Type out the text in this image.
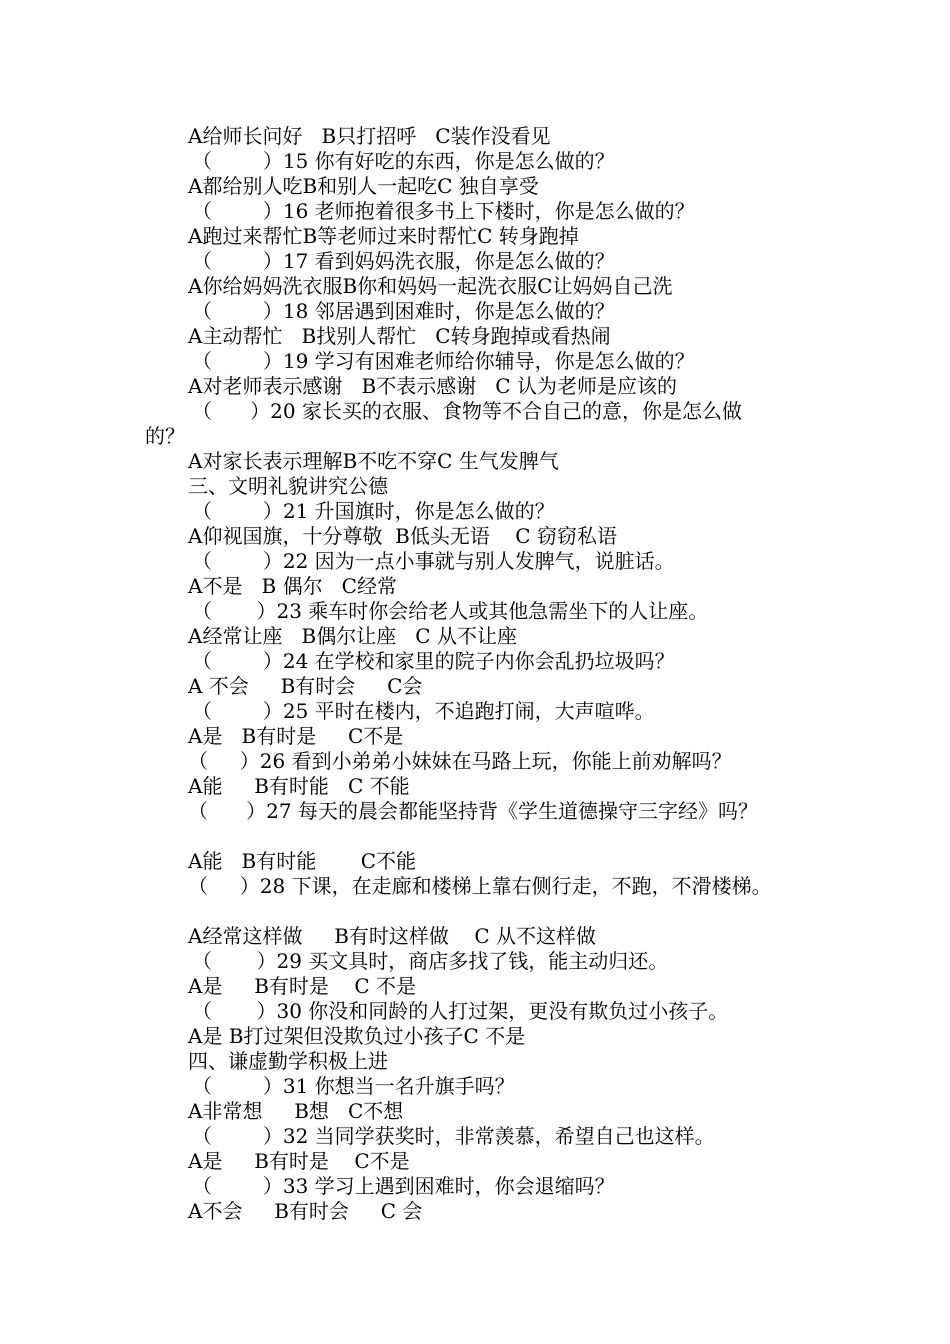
A给师长问好   B只打招呼   C装作没看见

（        ）15 你有好吃的东西，你是怎么做的？

A都给别人吃B和别人一起吃C 独自享受

（        ）16 老师抱着很多书上下楼时，你是怎么做的？

A跑过来帮忙B等老师过来时帮忙C 转身跑掉

（        ）17 看到妈妈洗衣服，你是怎么做的？

A你给妈妈洗衣服B你和妈妈一起洗衣服C让妈妈自己洗

（        ）18 邻居遇到困难时，你是怎么做的？

A主动帮忙   B找别人帮忙   C转身跑掉或看热闹

（        ）19 学习有困难老师给你辅导，你是怎么做的？

A对老师表示感谢   B不表示感谢   C 认为老师是应该的

（      ）20 家长买的衣服、食物等不合自己的意，你是怎么做

的？

A对家长表示理解B不吃不穿C 生气发脾气

三、文明礼貌讲究公德

（        ）21 升国旗时，你是怎么做的？

A仰视国旗，十分尊敬  B低头无语    C 窃窃私语

（        ）22 因为一点小事就与别人发脾气，说脏话。

A不是   B 偶尔   C经常

（       ）23 乘车时你会给老人或其他急需坐下的人让座。

A经常让座   B偶尔让座   C 从不让座

（        ）24 在学校和家里的院子内你会乱扔垃圾吗？

A 不会     B有时会     C会

（        ）25 平时在楼内，不追跑打闹，大声喧哗。

A是   B有时是     C不是

（     ）26 看到小弟弟小妹妹在马路上玩，你能上前劝解吗？

A能     B有时能   C 不能

（      ）27 每天的晨会都能坚持背《学生道德操守三字经》吗？

A能   B有时能       C不能

（     ）28 下课，在走廊和楼梯上靠右侧行走，不跑，不滑楼梯。

A经常这样做     B有时这样做    C 从不这样做

（       ）29 买文具时，商店多找了钱，能主动归还。

A是     B有时是    C 不是

（       ）30 你没和同龄的人打过架，更没有欺负过小孩子。

A是 B打过架但没欺负过小孩子C 不是

四、谦虚勤学积极上进

（        ）31 你想当一名升旗手吗？

A非常想     B想   C不想

（        ）32 当同学获奖时，非常羡慕，希望自己也这样。

A是     B有时是    C不是

（        ）33 学习上遇到困难时，你会退缩吗？

A不会     B有时会     C 会
